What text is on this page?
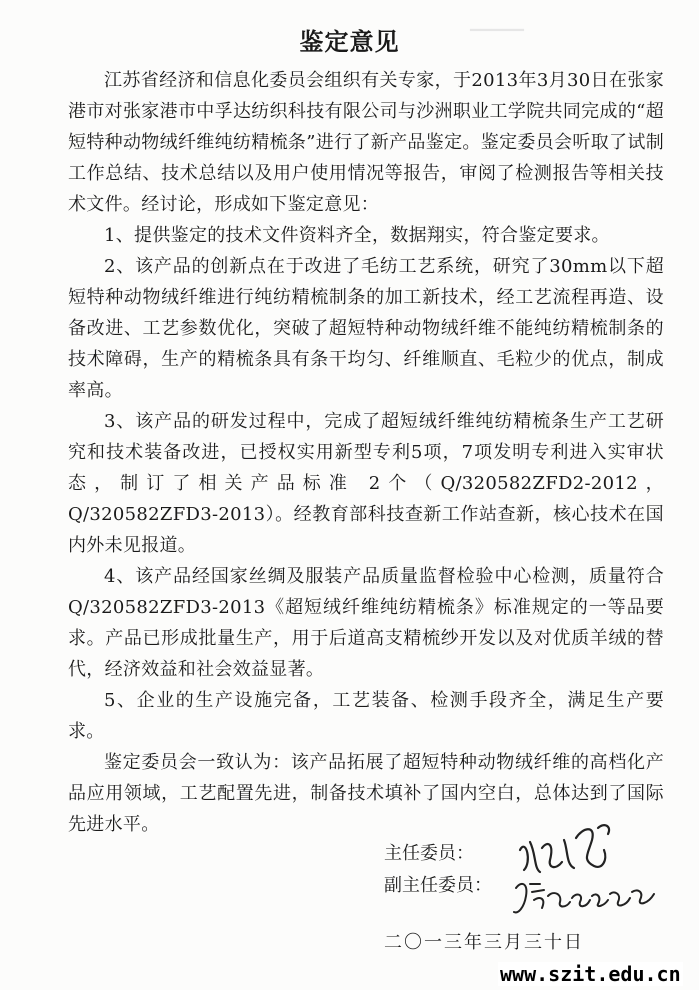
▔▔▔▔▔
鉴定意见

江苏省经济和信息化委员会组织有关专家，于2013年3月30日在张家港市对张家港市中孚达纺织科技有限公司与沙洲职业工学院共同完成的“超短特种动物绒纤维纯纺精梳条”进行了新产品鉴定。鉴定委员会听取了试制工作总结、技术总结以及用户使用情况等报告，审阅了检测报告等相关技术文件。经讨论，形成如下鉴定意见：

1、提供鉴定的技术文件资料齐全，数据翔实，符合鉴定要求。

2、该产品的创新点在于改进了毛纺工艺系统，研究了30mm以下超短特种动物绒纤维进行纯纺精梳制条的加工新技术，经工艺流程再造、设备改进、工艺参数优化，突破了超短特种动物绒纤维不能纯纺精梳制条的技术障碍，生产的精梳条具有条干均匀、纤维顺直、毛粒少的优点，制成率高。

3、该产品的研发过程中，完成了超短绒纤维纯纺精梳条生产工艺研究和技术装备改进，已授权实用新型专利5项，7项发明专利进入实审状态，制订了相关产品标准 2个（Q/320582ZFD2-2012，Q/320582ZFD3-2013）。经教育部科技查新工作站查新，核心技术在国内外未见报道。

4、该产品经国家丝绸及服装产品质量监督检验中心检测，质量符合Q/320582ZFD3-2013《超短绒纤维纯纺精梳条》标准规定的一等品要求。产品已形成批量生产，用于后道高支精梳纱开发以及对优质羊绒的替代，经济效益和社会效益显著。

5、企业的生产设施完备，工艺装备、检测手段齐全，满足生产要求。

鉴定委员会一致认为：该产品拓展了超短特种动物绒纤维的高档化产品应用领域，工艺配置先进，制备技术填补了国内空白，总体达到了国际先进水平。

主任委员：
副主任委员：
二〇一三年三月三十日
www.szit.edu.cn
